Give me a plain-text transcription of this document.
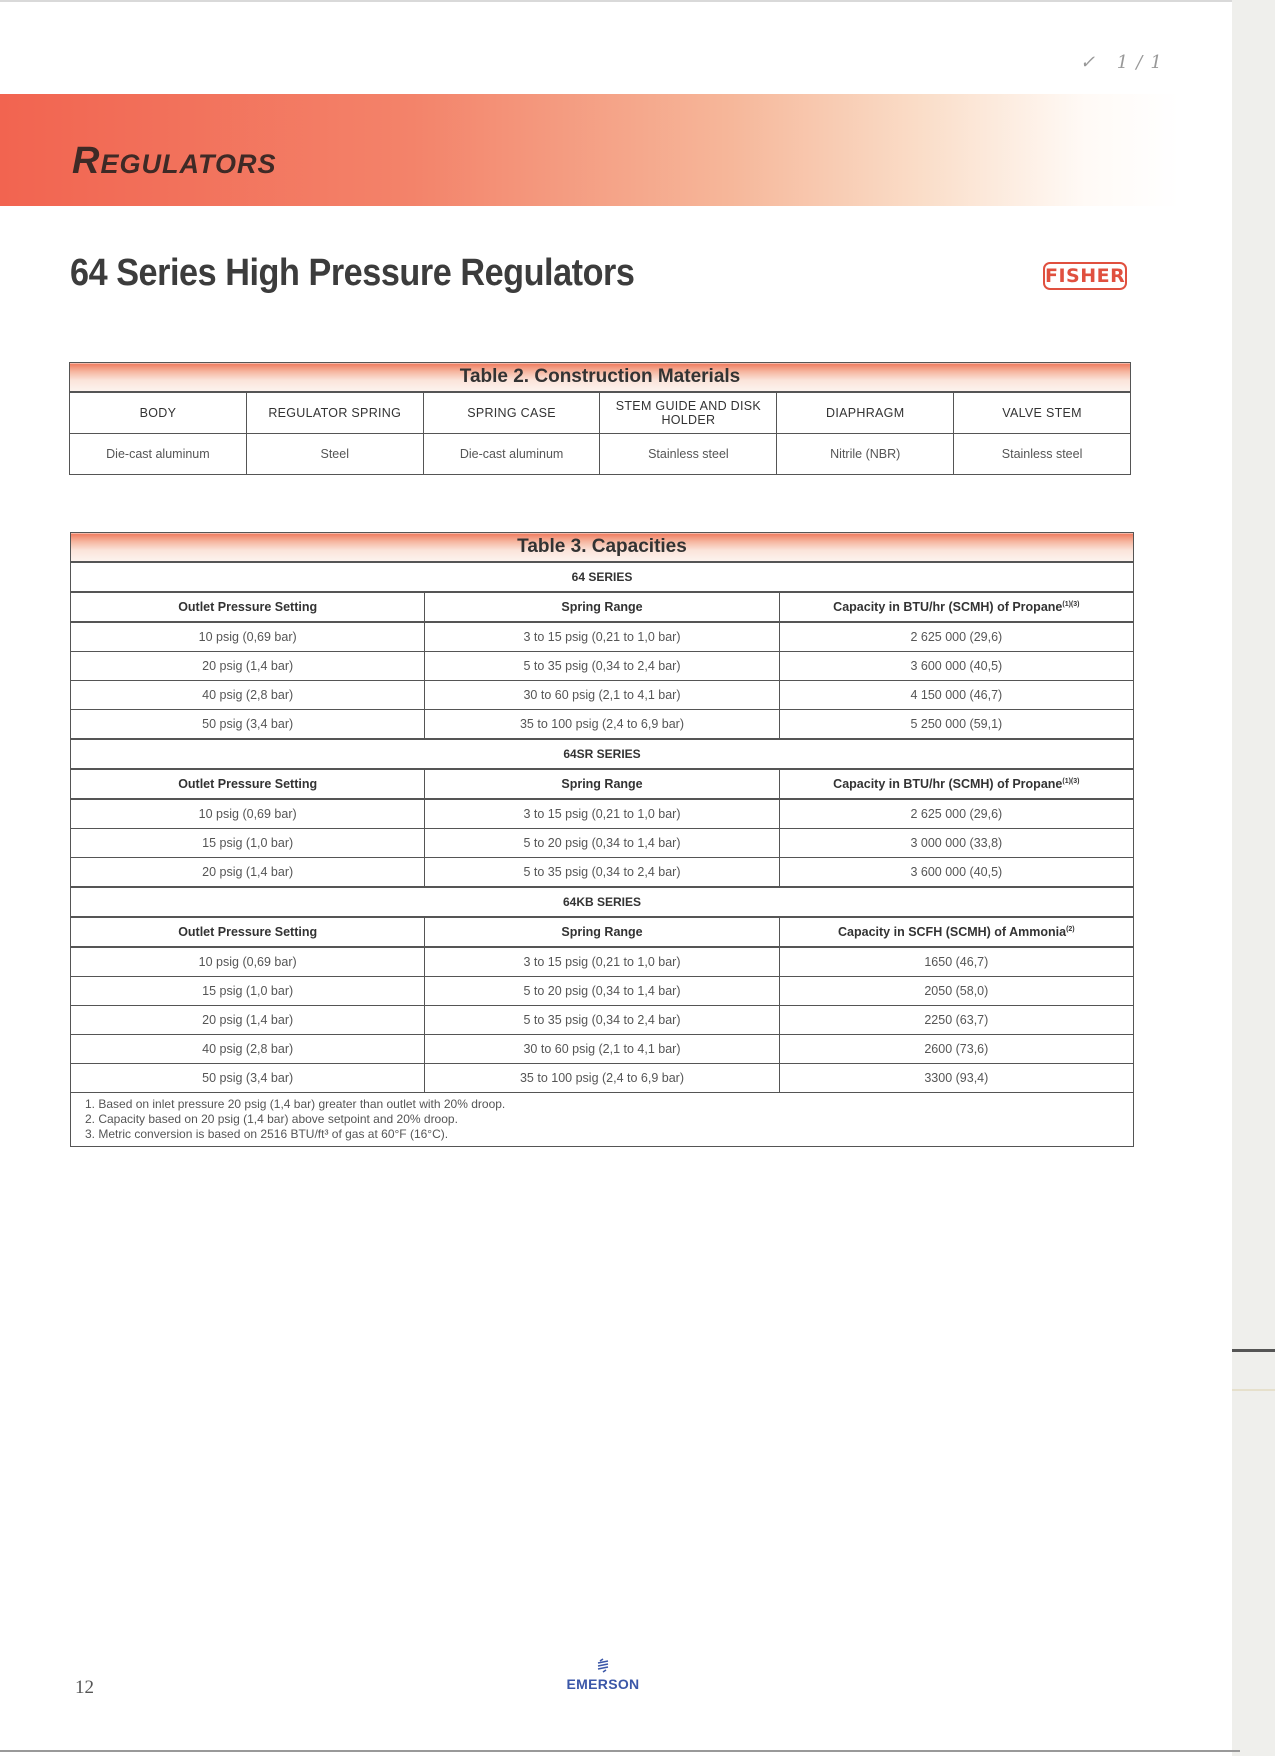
✓ 1/1
Regulators
64 Series High Pressure Regulators	FISHER
Table 2. Construction Materials					
BODY	REGULATOR SPRING	SPRING CASE	STEM GUIDE AND DISK HOLDER	DIAPHRAGM	VALVE STEM
Die-cast aluminum	Steel	Die-cast aluminum	Stainless steel	Nitrile (NBR)	Stainless steel
Table 3. Capacities		
64 SERIES		
Outlet Pressure Setting	Spring Range	Capacity in BTU/hr (SCMH) of Propane$^{(1)(3)}$
10 psig (0,69 bar)	3 to 15 psig (0,21 to 1,0 bar)	2 625 000 (29,6)
20 psig (1,4 bar)	5 to 35 psig (0,34 to 2,4 bar)	3 600 000 (40,5)
40 psig (2,8 bar)	30 to 60 psig (2,1 to 4,1 bar)	4 150 000 (46,7)
50 psig (3,4 bar)	35 to 100 psig (2,4 to 6,9 bar)	5 250 000 (59,1)
64SR SERIES		
Outlet Pressure Setting	Spring Range	Capacity in BTU/hr (SCMH) of Propane$^{(1)(3)}$
10 psig (0,69 bar)	3 to 15 psig (0,21 to 1,0 bar)	2 625 000 (29,6)
15 psig (1,0 bar)	5 to 20 psig (0,34 to 1,4 bar)	3 000 000 (33,8)
20 psig (1,4 bar)	5 to 35 psig (0,34 to 2,4 bar)	3 600 000 (40,5)
64KB SERIES		
Outlet Pressure Setting	Spring Range	Capacity in SCFH (SCMH) of Ammonia$^{(2)}$
10 psig (0,69 bar)	3 to 15 psig (0,21 to 1,0 bar)	1650 (46,7)
15 psig (1,0 bar)	5 to 20 psig (0,34 to 1,4 bar)	2050 (58,0)
20 psig (1,4 bar)	5 to 35 psig (0,34 to 2,4 bar)	2250 (63,7)
40 psig (2,8 bar)	30 to 60 psig (2,1 to 4,1 bar)	2600 (73,6)
50 psig (3,4 bar)	35 to 100 psig (2,4 to 6,9 bar)	3300 (93,4)

1. Based on inlet pressure 20 psig (1,4 bar) greater than outlet with 20% droop.
2. Capacity based on 20 psig (1,4 bar) above setpoint and 20% droop.
3. Metric conversion is based on 2516 BTU/ft³ of gas at 60°F (16°C).		
12	EMERSON
